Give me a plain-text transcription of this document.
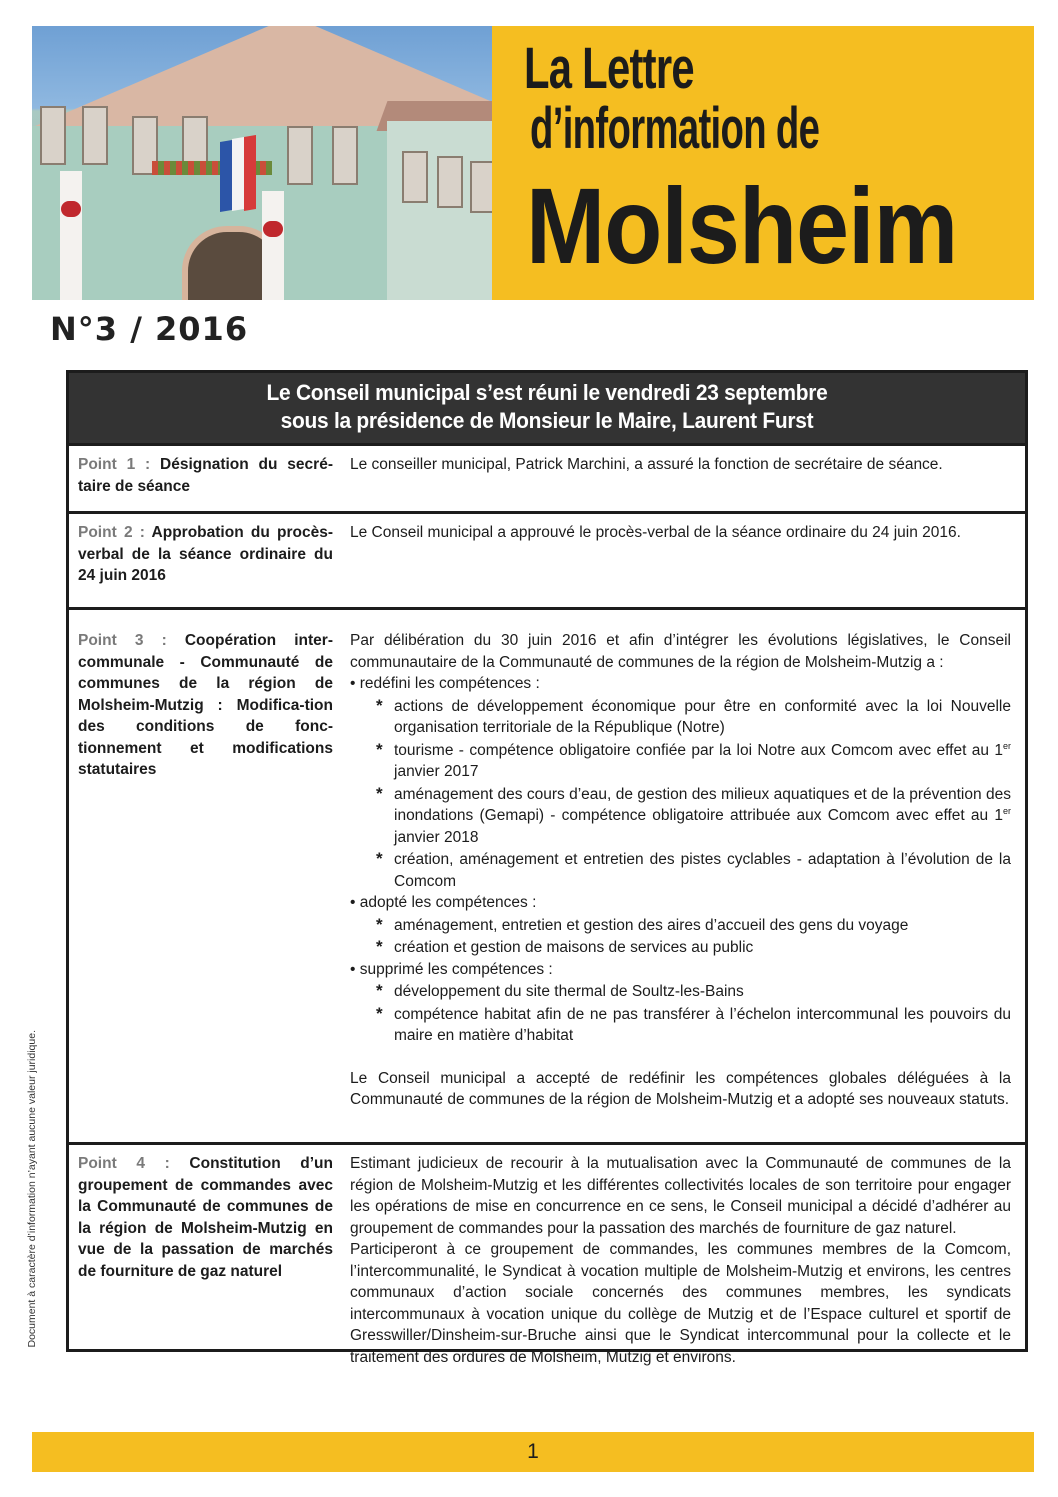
La Lettre
d’information de
Molsheim
N°3 / 2016
Document à caractère d’information n’ayant aucune valeur juridique.
Le Conseil municipal s’est réuni le vendredi 23 septembre
sous la présidence de Monsieur le Maire, Laurent Furst
Point 1 : Désignation du secré-taire de séance

Le conseiller municipal, Patrick Marchini, a assuré la fonction de secrétaire de séance.

Point 2 : Approbation du procès-verbal de la séance ordinaire du 24 juin 2016

Le Conseil municipal a approuvé le procès-verbal de la séance ordinaire du 24 juin 2016.

Point 3 : Coopération inter-communale - Communauté de communes de la région de Molsheim-Mutzig : Modifica-tion des conditions de fonc-tionnement et modifications statutaires

Par délibération du 30 juin 2016 et afin d’intégrer les évolutions législatives, le Conseil communautaire de la Communauté de communes de la région de Molsheim-Mutzig a :

• redéfini les compétences :
* actions de développement économique pour être en conformité avec la loi Nouvelle organisation territoriale de la République (Notre)
* tourisme - compétence obligatoire confiée par la loi Notre aux Comcom avec effet au 1er janvier 2017
* aménagement des cours d’eau, de gestion des milieux aquatiques et de la prévention des inondations (Gemapi) - compétence obligatoire attribuée aux Comcom avec effet au 1er janvier 2018
* création, aménagement et entretien des pistes cyclables - adaptation à l’évolution de la Comcom
• adopté les compétences :
* aménagement, entretien et gestion des aires d’accueil des gens du voyage
* création et gestion de maisons de services au public
• supprimé les compétences :
* développement du site thermal de Soultz-les-Bains
* compétence habitat afin de ne pas transférer à l’échelon intercommunal les pouvoirs du maire en matière d’habitat

Le Conseil municipal a accepté de redéfinir les compétences globales déléguées à la Communauté de communes de la région de Molsheim-Mutzig et a adopté ses nouveaux statuts.

Point 4 : Constitution d’un groupement de commandes avec la Communauté de communes de la région de Molsheim-Mutzig en vue de la passation de marchés de fourniture de gaz naturel

Estimant judicieux de recourir à la mutualisation avec la Communauté de communes de la région de Molsheim-Mutzig et les différentes collectivités locales de son territoire pour engager les opérations de mise en concurrence en ce sens, le Conseil municipal a décidé d’adhérer au groupement de commandes pour la passation des marchés de fourniture de gaz naturel.

Participeront à ce groupement de commandes, les communes membres de la Comcom, l’intercommunalité, le Syndicat à vocation multiple de Molsheim-Mutzig et environs, les centres communaux d’action sociale concernés des communes membres, les syndicats intercommunaux à vocation unique du collège de Mutzig et de l’Espace culturel et sportif de Gresswiller/Dinsheim-sur-Bruche ainsi que le Syndicat intercommunal pour la collecte et le traitement des ordures de Molsheim, Mutzig et environs.

1
